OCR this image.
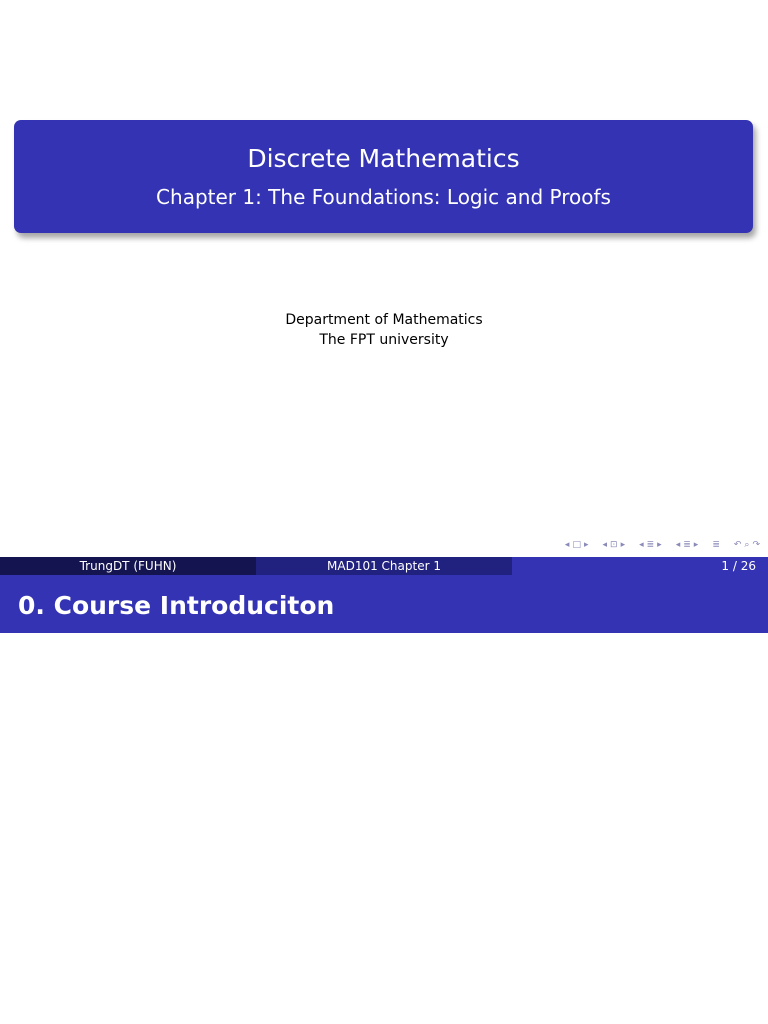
Discrete Mathematics
Chapter 1: The Foundations: Logic and Proofs
Department of Mathematics
The FPT university
◂ □ ▸ ◂ ⊡ ▸ ◂ ≣ ▸ ◂ ≣ ▸ ≣ ↶ ⌕ ↷
TrungDT (FUHN)	MAD101 Chapter 1	1 / 26
0. Course Introduciton
